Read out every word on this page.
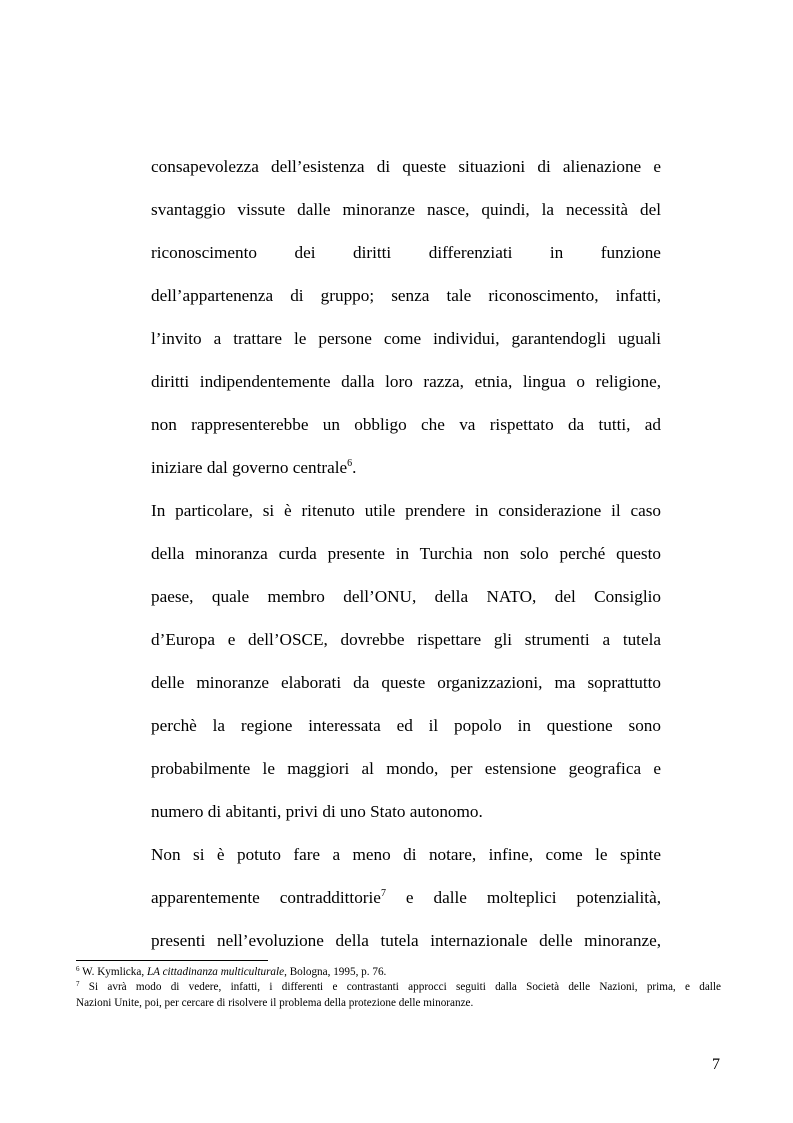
consapevolezza dell’esistenza di queste situazioni di alienazione e
svantaggio vissute dalle minoranze nasce, quindi, la necessità del
riconoscimento dei diritti differenziati in funzione
dell’appartenenza di gruppo; senza tale riconoscimento, infatti,
l’invito a trattare le persone come individui, garantendogli uguali
diritti indipendentemente dalla loro razza, etnia, lingua o religione,
non rappresenterebbe un obbligo che va rispettato da tutti, ad
iniziare dal governo centrale$^6$.
In particolare, si è ritenuto utile prendere in considerazione il caso
della minoranza curda presente in Turchia non solo perché questo
paese, quale membro dell’ONU, della NATO, del Consiglio
d’Europa e dell’OSCE, dovrebbe rispettare gli strumenti a tutela
delle minoranze elaborati da queste organizzazioni, ma soprattutto
perchè la regione interessata ed il popolo in questione sono
probabilmente le maggiori al mondo, per estensione geografica e
numero di abitanti, privi di uno Stato autonomo.
Non si è potuto fare a meno di notare, infine, come le spinte
apparentemente contraddittorie$^7$ e dalle molteplici potenzialità,
presenti nell’evoluzione della tutela internazionale delle minoranze,
$^6$ W. Kymlicka, LA cittadinanza multiculturale, Bologna, 1995, p. 76.
$^7$ Si avrà modo di vedere, infatti, i differenti e contrastanti approcci seguiti dalla Società delle Nazioni, prima, e dalle
Nazioni Unite, poi, per cercare di risolvere il problema della protezione delle minoranze.
7
